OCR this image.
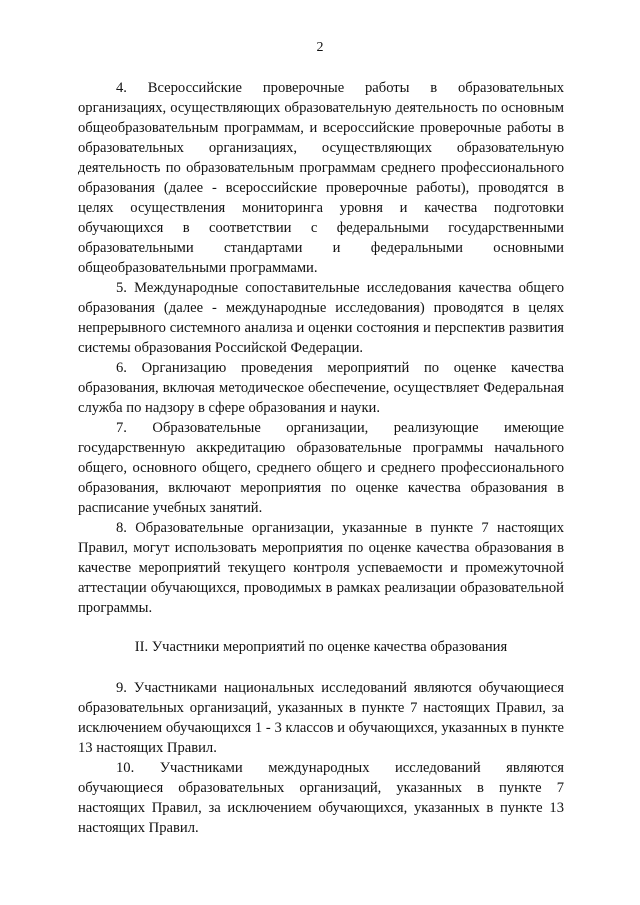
2

4. Всероссийские проверочные работы в образовательных организациях, осуществляющих образовательную деятельность по основным общеобразовательным программам, и всероссийские проверочные работы в образовательных организациях, осуществляющих образовательную деятельность по образовательным программам среднего профессионального образования (далее - всероссийские проверочные работы), проводятся в целях осуществления мониторинга уровня и качества подготовки обучающихся в соответствии с федеральными государственными образовательными стандартами и федеральными основными общеобразовательными программами.

5. Международные сопоставительные исследования качества общего образования (далее - международные исследования) проводятся в целях непрерывного системного анализа и оценки состояния и перспектив развития системы образования Российской Федерации.

6. Организацию проведения мероприятий по оценке качества образования, включая методическое обеспечение, осуществляет Федеральная служба по надзору в сфере образования и науки.

7. Образовательные организации, реализующие имеющие государственную аккредитацию образовательные программы начального общего, основного общего, среднего общего и среднего профессионального образования, включают мероприятия по оценке качества образования в расписание учебных занятий.

8. Образовательные организации, указанные в пункте 7 настоящих Правил, могут использовать мероприятия по оценке качества образования в качестве мероприятий текущего контроля успеваемости и промежуточной аттестации обучающихся, проводимых в рамках реализации образовательной программы.

II. Участники мероприятий по оценке качества образования

9. Участниками национальных исследований являются обучающиеся образовательных организаций, указанных в пункте 7 настоящих Правил, за исключением обучающихся 1 - 3 классов и обучающихся, указанных в пункте 13 настоящих Правил.

10. Участниками международных исследований являются обучающиеся образовательных организаций, указанных в пункте 7 настоящих Правил, за исключением обучающихся, указанных в пункте 13 настоящих Правил.
